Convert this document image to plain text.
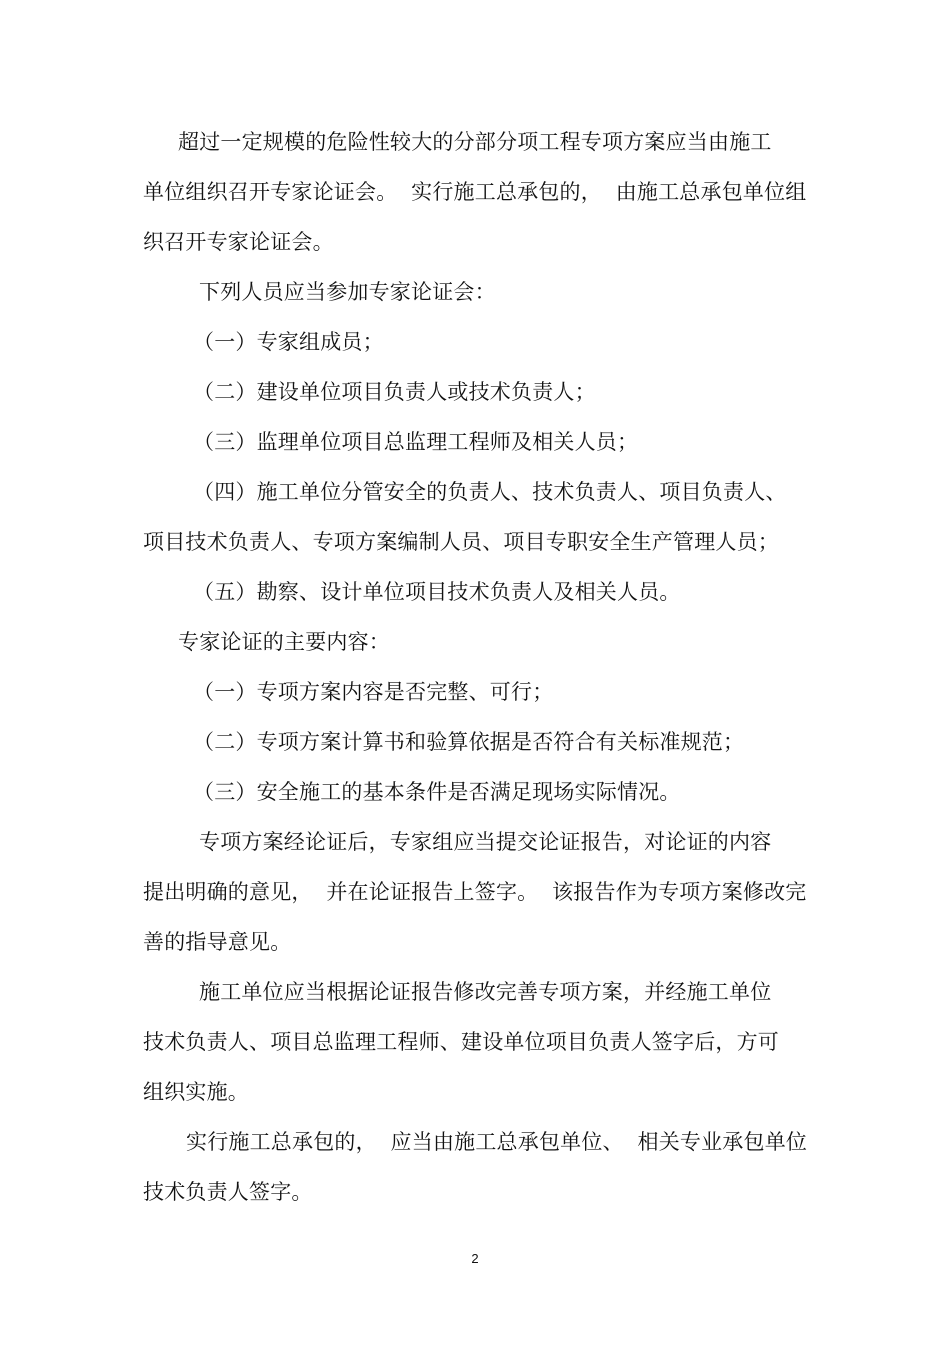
超过一定规模的危险性较大的分部分项工程专项方案应当由施工
单位组织召开专家论证会。  实行施工总承包的，  由施工总承包单位组
织召开专家论证会。
下列人员应当参加专家论证会：
（一）专家组成员；
（二）建设单位项目负责人或技术负责人；
（三）监理单位项目总监理工程师及相关人员；
（四）施工单位分管安全的负责人、技术负责人、项目负责人、
项目技术负责人、专项方案编制人员、项目专职安全生产管理人员；
（五）勘察、设计单位项目技术负责人及相关人员。
专家论证的主要内容：
（一）专项方案内容是否完整、可行；
（二）专项方案计算书和验算依据是否符合有关标准规范；
（三）安全施工的基本条件是否满足现场实际情况。
专项方案经论证后，专家组应当提交论证报告，对论证的内容
提出明确的意见，  并在论证报告上签字。  该报告作为专项方案修改完
善的指导意见。
施工单位应当根据论证报告修改完善专项方案，并经施工单位
技术负责人、项目总监理工程师、建设单位项目负责人签字后，方可
组织实施。
实行施工总承包的，  应当由施工总承包单位、  相关专业承包单位
技术负责人签字。
2
